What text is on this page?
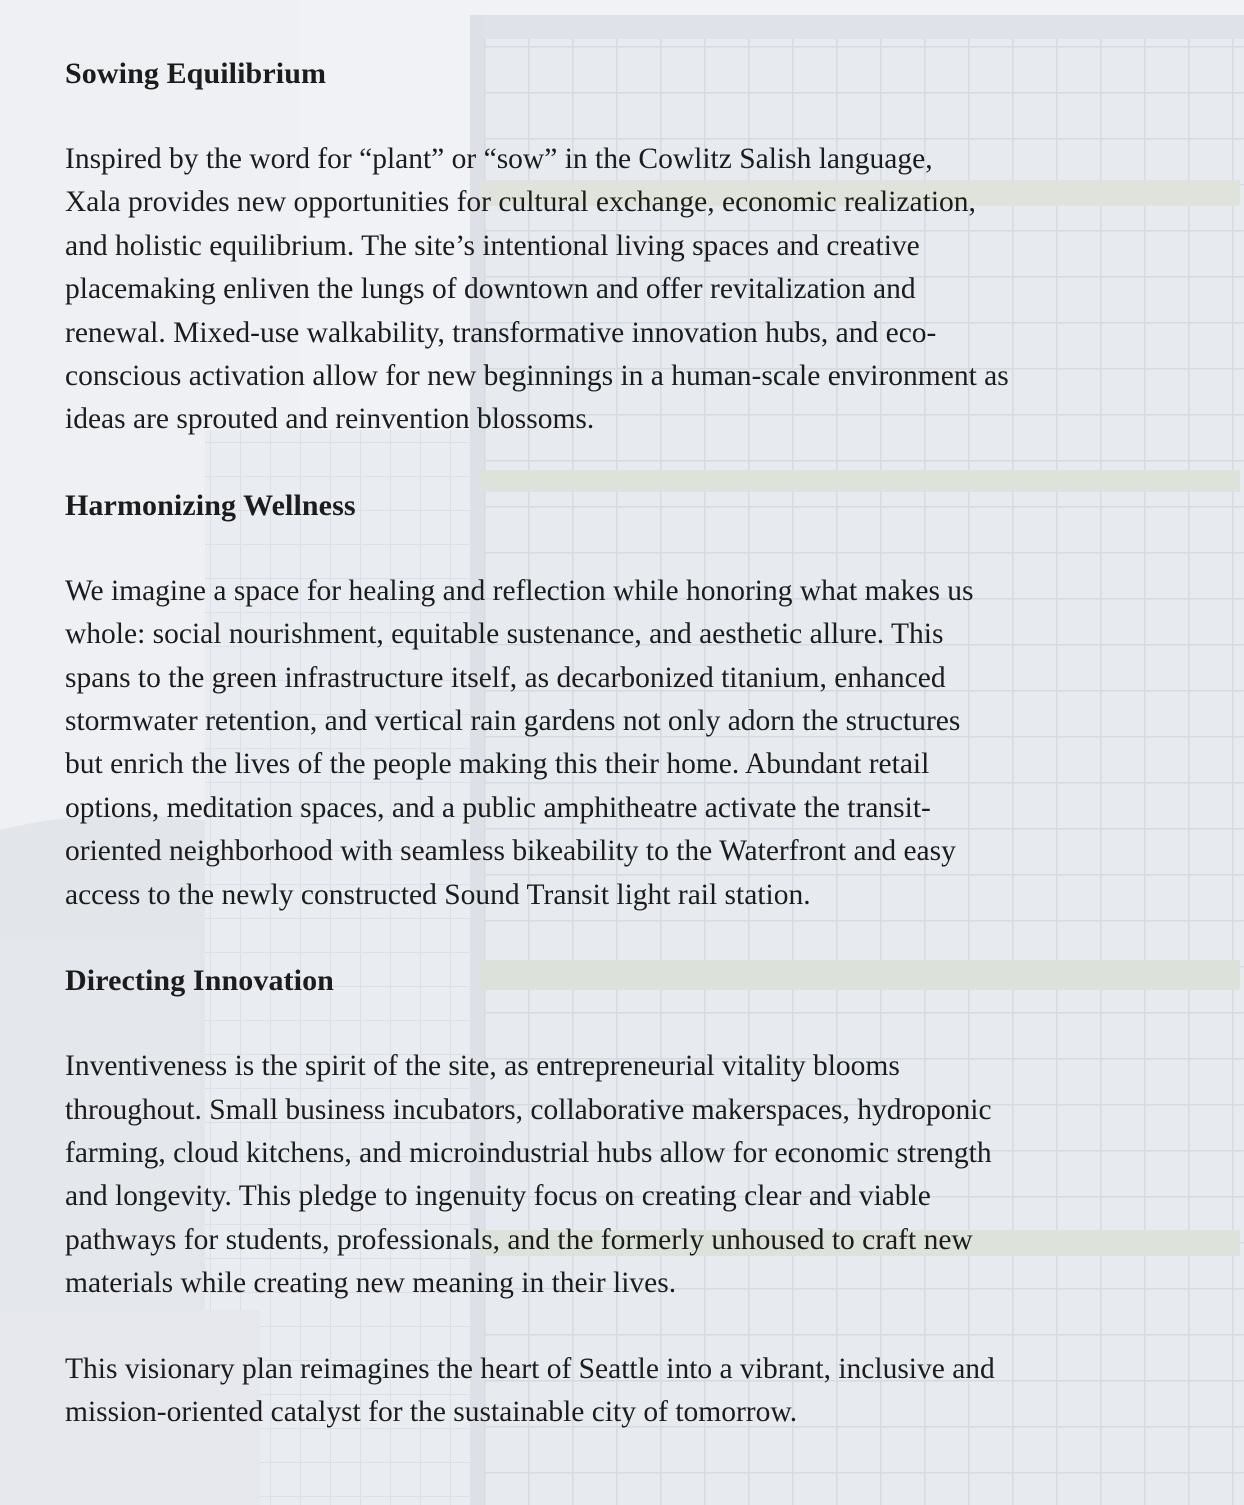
Sowing Equilibrium

Inspired by the word for “plant” or “sow” in the Cowlitz Salish language,
Xala provides new opportunities for cultural exchange, economic realization,
and holistic equilibrium. The site’s intentional living spaces and creative
placemaking enliven the lungs of downtown and offer revitalization and
renewal. Mixed-use walkability, transformative innovation hubs, and eco-
conscious activation allow for new beginnings in a human-scale environment as
ideas are sprouted and reinvention blossoms.

Harmonizing Wellness

We imagine a space for healing and reflection while honoring what makes us
whole: social nourishment, equitable sustenance, and aesthetic allure. This
spans to the green infrastructure itself, as decarbonized titanium, enhanced
stormwater retention, and vertical rain gardens not only adorn the structures
but enrich the lives of the people making this their home. Abundant retail
options, meditation spaces, and a public amphitheatre activate the transit-
oriented neighborhood with seamless bikeability to the Waterfront and easy
access to the newly constructed Sound Transit light rail station.

Directing Innovation

Inventiveness is the spirit of the site, as entrepreneurial vitality blooms
throughout. Small business incubators, collaborative makerspaces, hydroponic
farming, cloud kitchens, and microindustrial hubs allow for economic strength
and longevity. This pledge to ingenuity focus on creating clear and viable
pathways for students, professionals, and the formerly unhoused to craft new
materials while creating new meaning in their lives.

This visionary plan reimagines the heart of Seattle into a vibrant, inclusive and
mission-oriented catalyst for the sustainable city of tomorrow.
